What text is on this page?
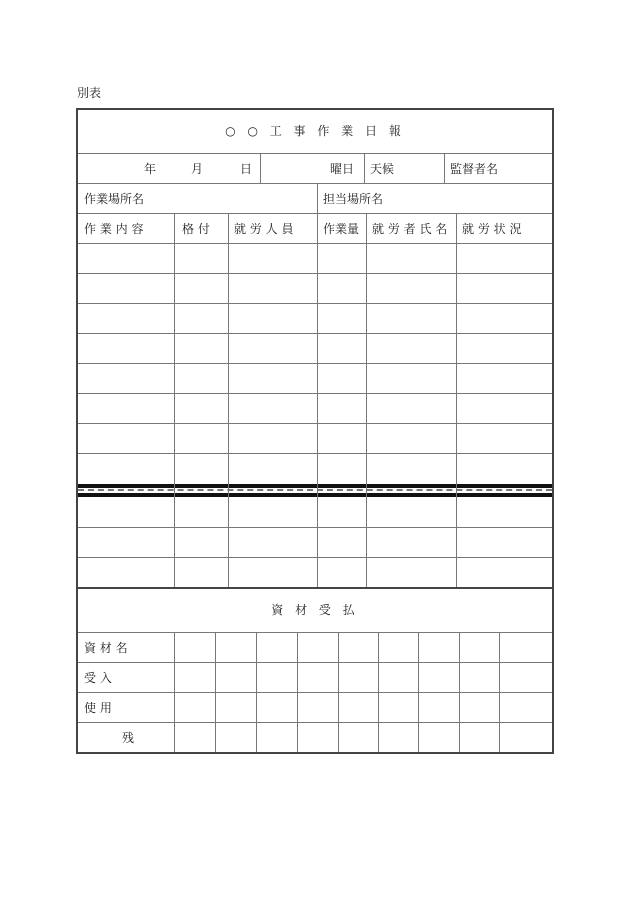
別表
○ ○ 工 事 作 業 日 報
年	月	日	曜日	天候	監督者名
作業場所名	担当場所名
作 業 内 容	格 付	就 労 人 員	作業量	就 労 者 氏 名	就 労 状 況
資 材 受 払
資 材 名
受 入
使 用
残
